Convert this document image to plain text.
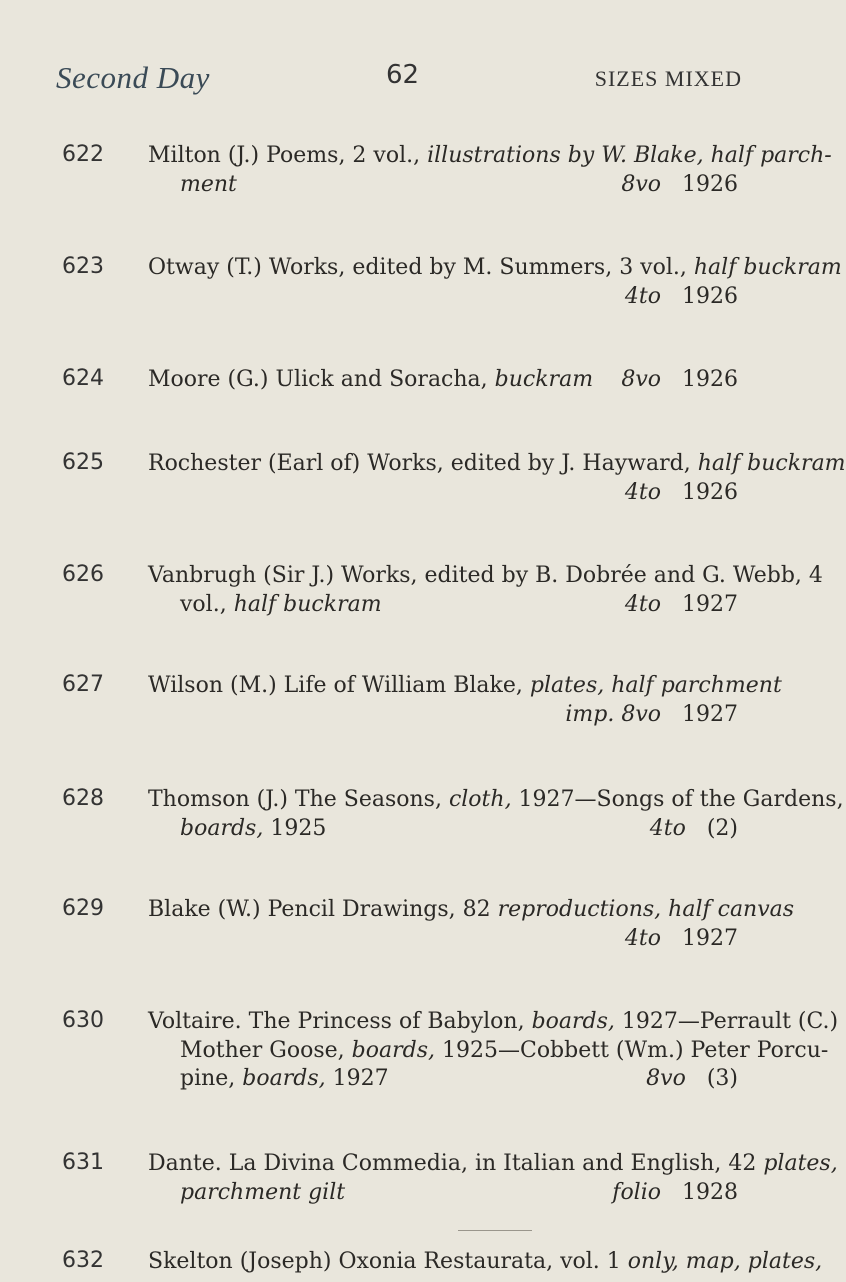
Second Day	62	SIZES MIXED
622 Milton (J.) Poems, 2 vol., illustrations by W. Blake, half parch-
ment	8vo 1926
623 Otway (T.) Works, edited by M. Summers, 3 vol., half buckram
4to 1926

624 Moore (G.) Ulick and Soracha, buckram 8vo 1926
625 Rochester (Earl of) Works, edited by J. Hayward, half buckram
4to 1926

626 Vanbrugh (Sir J.) Works, edited by B. Dobrée and G. Webb, 4
vol., half buckram	4to 1927
627 Wilson (M.) Life of William Blake, plates, half parchment
imp. 8vo 1927

628 Thomson (J.) The Seasons, cloth, 1927—Songs of the Gardens,
boards, 1925	4to (2)
629 Blake (W.) Pencil Drawings, 82 reproductions, half canvas
4to 1927

630 Voltaire. The Princess of Babylon, boards, 1927—Perrault (C.)
Mother Goose, boards, 1925—Cobbett (Wm.) Peter Porcu-
pine, boards, 1927	8vo (3)
631 Dante. La Divina Commedia, in Italian and English, 42 plates,
parchment gilt	folio 1928
632 Skelton (Joseph) Oxonia Restaurata, vol. 1 only, map, plates,
